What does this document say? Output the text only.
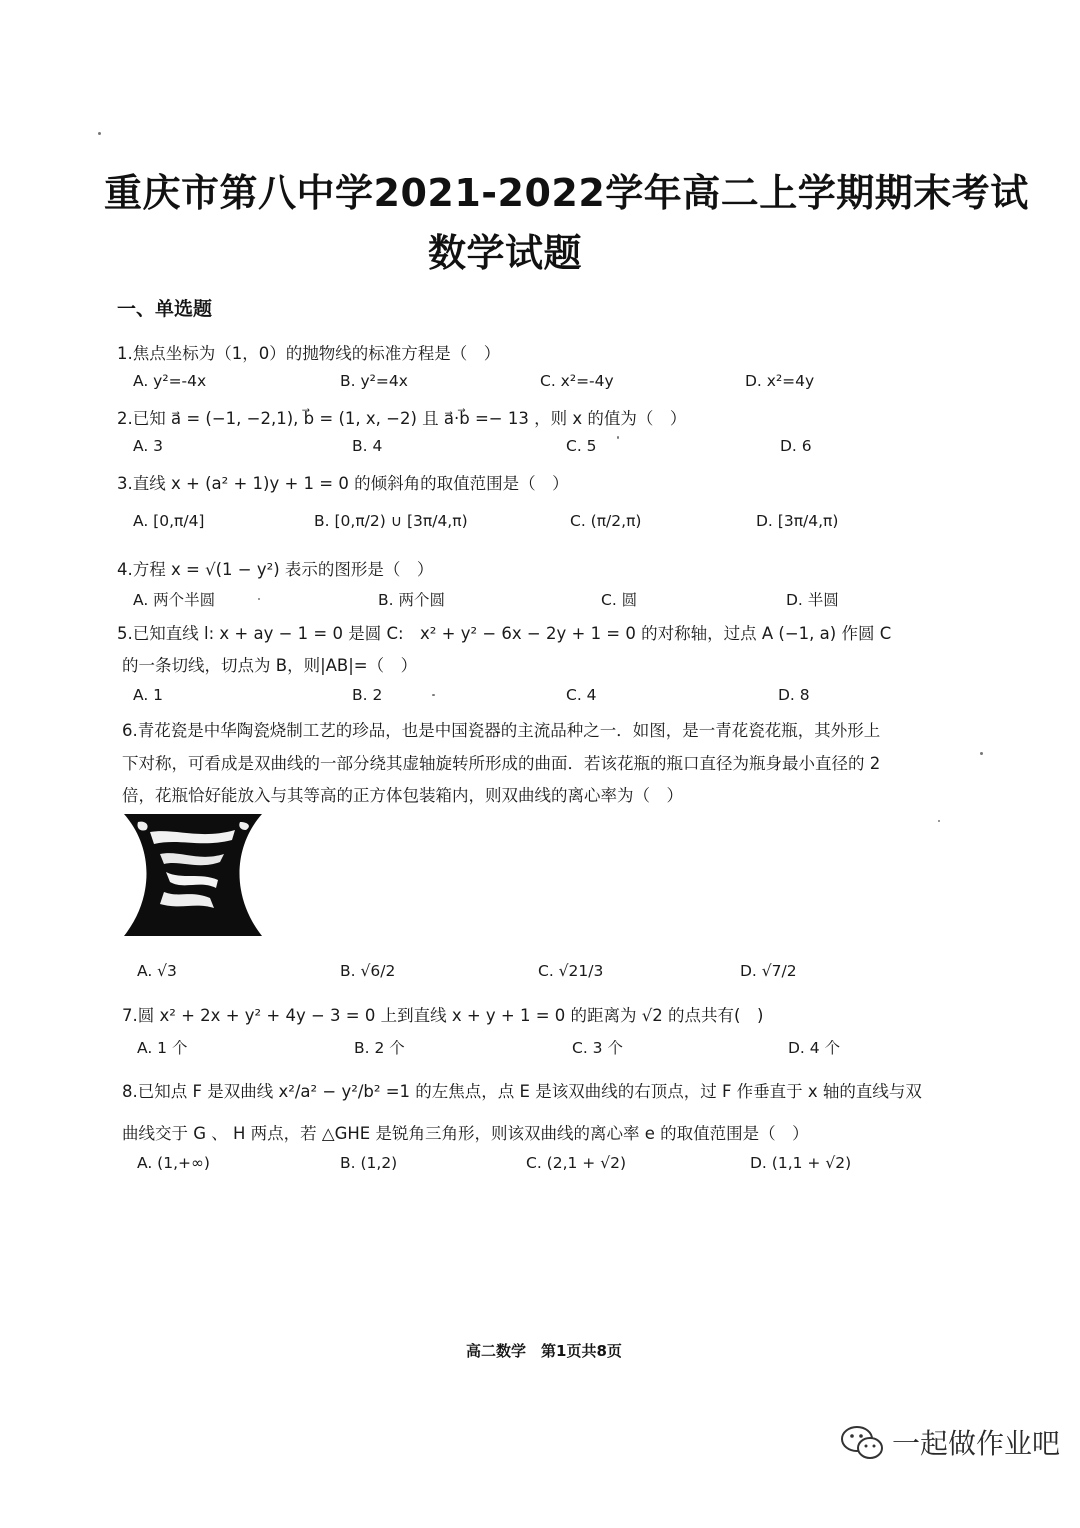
重庆市第八中学2021-2022学年高二上学期期末考试
数学试题
一、单选题
1.焦点坐标为（1，0）的抛物线的标准方程是（　）
A. y²=-4x	B. y²=4x	C. x²=-4y	D. x²=4y
2.已知 a⃗ = (−1, −2,1), b⃗ = (1, x, −2) 且 a⃗·b⃗ =− 13 ，则 x 的值为（　）
A. 3	B. 4	C. 5	D. 6
3.直线 x + (a² + 1)y + 1 = 0 的倾斜角的取值范围是（　）
A. [0,π/4]	B. [0,π/2) ∪ [3π/4,π)	C. (π/2,π)	D. [3π/4,π)
4.方程 x = √(1 − y²) 表示的图形是（　）
A. 两个半圆	B. 两个圆	C. 圆	D. 半圆
5.已知直线 l: x + ay − 1 = 0 是圆 C:　x² + y² − 6x − 2y + 1 = 0 的对称轴，过点 A (−1, a) 作圆 C
的一条切线，切点为 B，则|AB|=（　）
A. 1	B. 2	C. 4	D. 8
6.青花瓷是中华陶瓷烧制工艺的珍品，也是中国瓷器的主流品种之一．如图，是一青花瓷花瓶，其外形上
下对称，可看成是双曲线的一部分绕其虚轴旋转所形成的曲面．若该花瓶的瓶口直径为瓶身最小直径的 2
倍，花瓶恰好能放入与其等高的正方体包装箱内，则双曲线的离心率为（　）
A. √3	B. √6/2	C. √21/3	D. √7/2
7.圆 x² + 2x + y² + 4y − 3 = 0 上到直线 x + y + 1 = 0 的距离为 √2 的点共有(　)
A. 1 个	B. 2 个	C. 3 个	D. 4 个
8.已知点 F 是双曲线 x²/a² − y²/b² =1 的左焦点，点 E 是该双曲线的右顶点，过 F 作垂直于 x 轴的直线与双
曲线交于 G 、 H 两点，若 △GHE 是锐角三角形，则该双曲线的离心率 e 的取值范围是（　）
A. (1,+∞)	B. (1,2)	C. (2,1 + √2)	D. (1,1 + √2)
高二数学　第1页共8页
一起做作业吧
